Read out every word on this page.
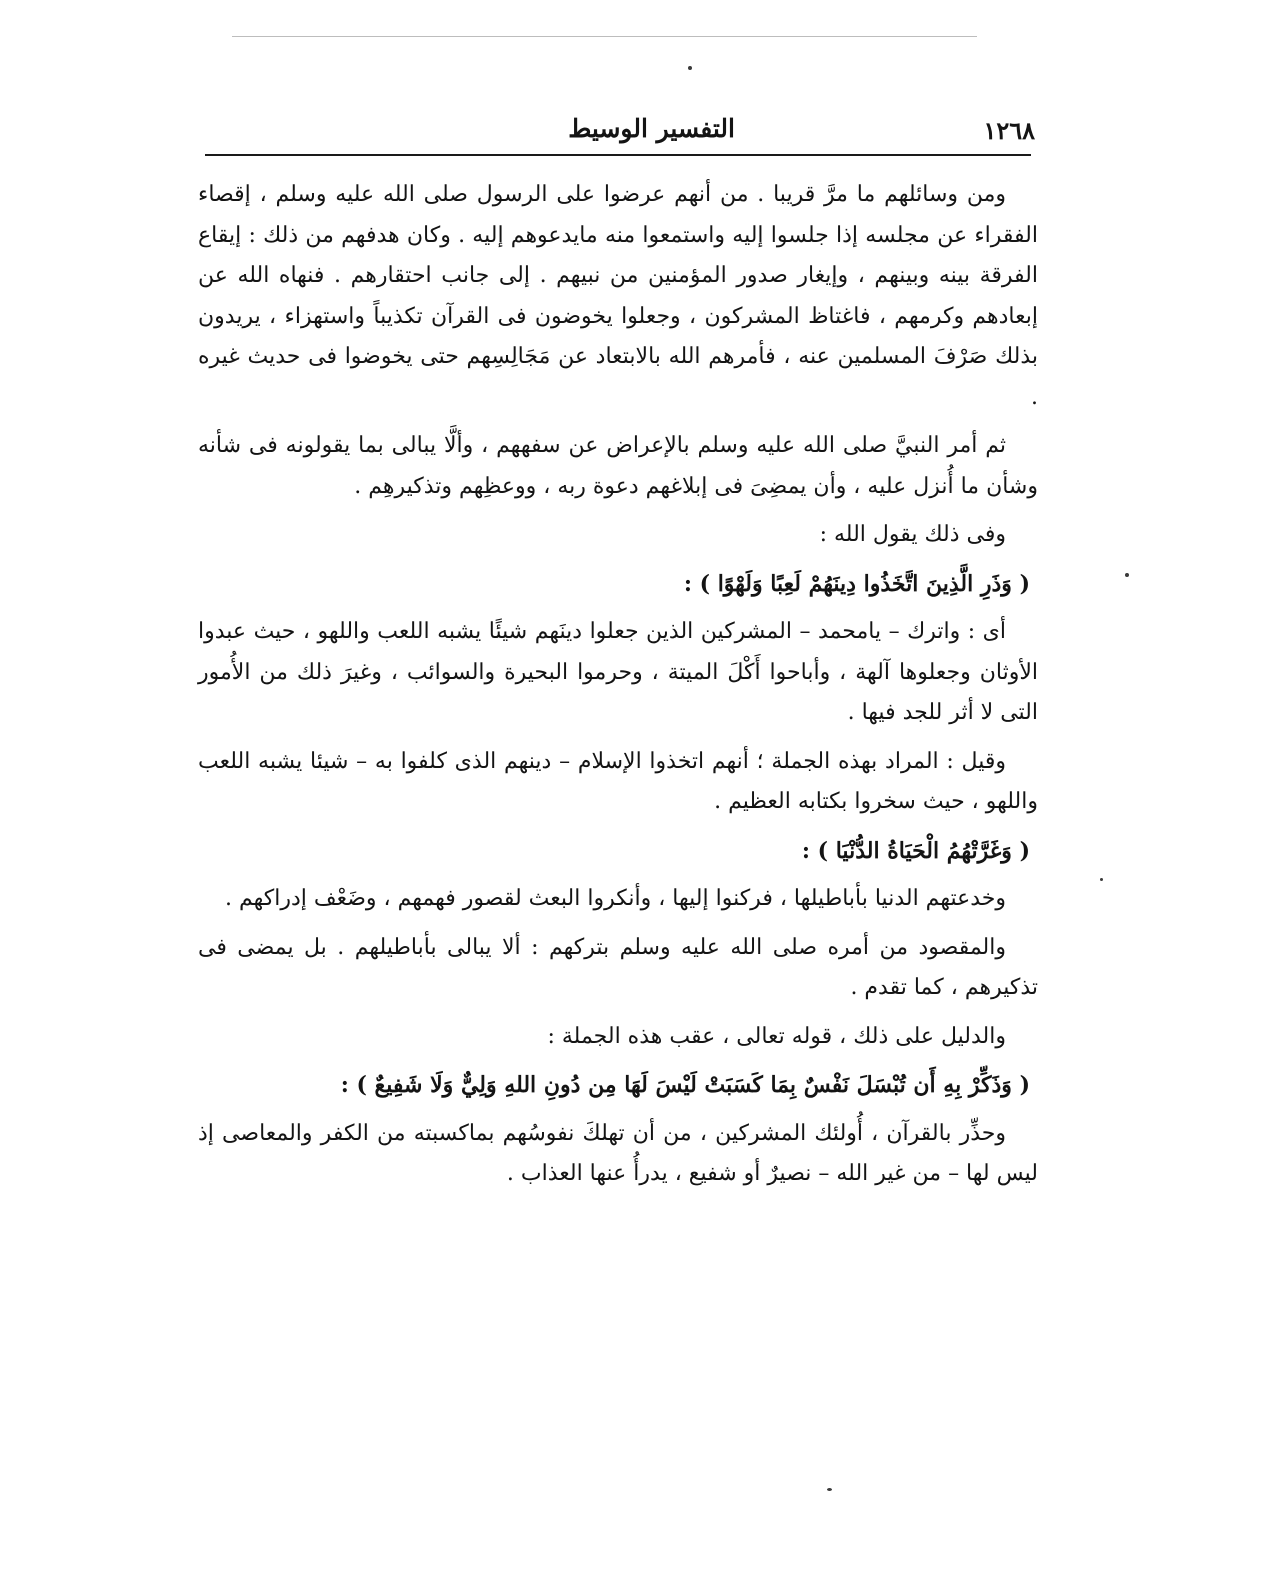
١٢٦٨
التفسير الوسيط

ومن وسائلهم ما مرَّ قريبا . من أنهم عرضوا على الرسول صلى الله عليه وسلم ، إقصاء الفقراء عن مجلسه إذا جلسوا إليه واستمعوا منه مايدعوهم إليه . وكان هدفهم من ذلك : إيقاع الفرقة بينه وبينهم ، وإيغار صدور المؤمنين من نبيهم . إلى جانب احتقارهم . فنهاه الله عن إبعادهم وكرمهم ، فاغتاظ المشركون ، وجعلوا يخوضون فى القرآن تكذيباً واستهزاء ، يريدون بذلك صَرْفَ المسلمين عنه ، فأمرهم الله بالابتعاد عن مَجَالِسِهم حتى يخوضوا فى حديث غيره .

ثم أمر النبيَّ صلى الله عليه وسلم بالإعراض عن سفههم ، وألَّا يبالى بما يقولونه فى شأنه وشأن ما أُنزل عليه ، وأن يمضِىَ فى إبلاغهم دعوة ربه ، ووعظِهم وتذكيرهِم .

وفى ذلك يقول الله :

( وَذَرِ الَّذِينَ اتَّخَذُوا دِينَهُمْ لَعِبًا وَلَهْوًا ) :

أى : واترك – يامحمد – المشركين الذين جعلوا دينَهم شيئًا يشبه اللعب واللهو ، حيث عبدوا الأوثان وجعلوها آلهة ، وأباحوا أَكْلَ الميتة ، وحرموا البحيرة والسوائب ، وغيرَ ذلك من الأُمور التى لا أثر للجد فيها .

وقيل : المراد بهذه الجملة ؛ أنهم اتخذوا الإسلام – دينهم الذى كلفوا به – شيئا يشبه اللعب واللهو ، حيث سخروا بكتابه العظيم .

( وَغَرَّتْهُمُ الْحَيَاةُ الدُّنْيَا ) :

وخدعتهم الدنيا بأباطيلها ، فركنوا إليها ، وأنكروا البعث لقصور فهمهم ، وضَعْف إدراكهم .

والمقصود من أمره صلى الله عليه وسلم بتركهم : ألا يبالى بأباطيلهم . بل يمضى فى تذكيرهم ، كما تقدم .

والدليل على ذلك ، قوله تعالى ، عقب هذه الجملة :

( وَذَكِّرْ بِهِ أَن تُبْسَلَ نَفْسٌ بِمَا كَسَبَتْ لَيْسَ لَهَا مِن دُونِ اللهِ وَلِيٌّ وَلَا شَفِيعٌ ) :

وحذِّر بالقرآن ، أُولئك المشركين ، من أن تهلكَ نفوسُهم بماكسبته من الكفر والمعاصى إذ ليس لها – من غير الله – نصيرٌ أو شفيع ، يدرأُ عنها العذاب .
